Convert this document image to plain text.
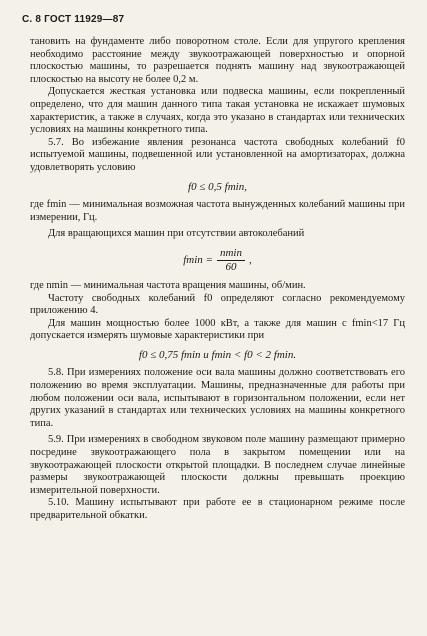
С. 8 ГОСТ 11929—87

тановить на фундаменте либо поворотном столе. Если для упругого крепления необходимо расстояние между звукоотражающей поверхностью и опорной плоскостью машины, то разрешается поднять машину над звукоотражающей плоскостью на высоту не более 0,2 м.

Допускается жесткая установка или подвеска машины, если покрепленный определено, что для машин данного типа такая установка не искажает шумовых характеристик, а также в случаях, когда это указано в стандартах или технических условиях на машины конкретного типа.

5.7. Во избежание явления резонанса частота свободных колебаний f0 испытуемой машины, подвешенной или установленной на амортизаторах, должна удовлетворять условию

f0 ≤ 0,5 fmin,

где fmin — минимальная возможная частота вынужденных колебаний машины при измерении, Гц.

Для вращающихся машин при отсутствии автоколебаний

$fmin = \frac{nmin}{60}$ ,

где nmin — минимальная частота вращения машины, об/мин.

Частоту свободных колебаний f0 определяют согласно рекомендуемому приложению 4.

Для машин мощностью более 1000 кВт, а также для машин с fmin<17 Гц допускается измерять шумовые характеристики при

f0 ≤ 0,75 fmin и fmin < f0 < 2 fmin.

5.8. При измерениях положение оси вала машины должно соответствовать его положению во время эксплуатации. Машины, предназначенные для работы при любом положении оси вала, испытывают в горизонтальном положении, если нет других указаний в стандартах или технических условиях на машины конкретного типа.

5.9. При измерениях в свободном звуковом поле машину размещают примерно посредине звукоотражающего пола в закрытом помещении или на звукоотражающей плоскости открытой площадки. В последнем случае линейные размеры звукоотражающей плоскости должны превышать проекцию измерительной поверхности.

5.10. Машину испытывают при работе ее в стационарном режиме после предварительной обкатки.
